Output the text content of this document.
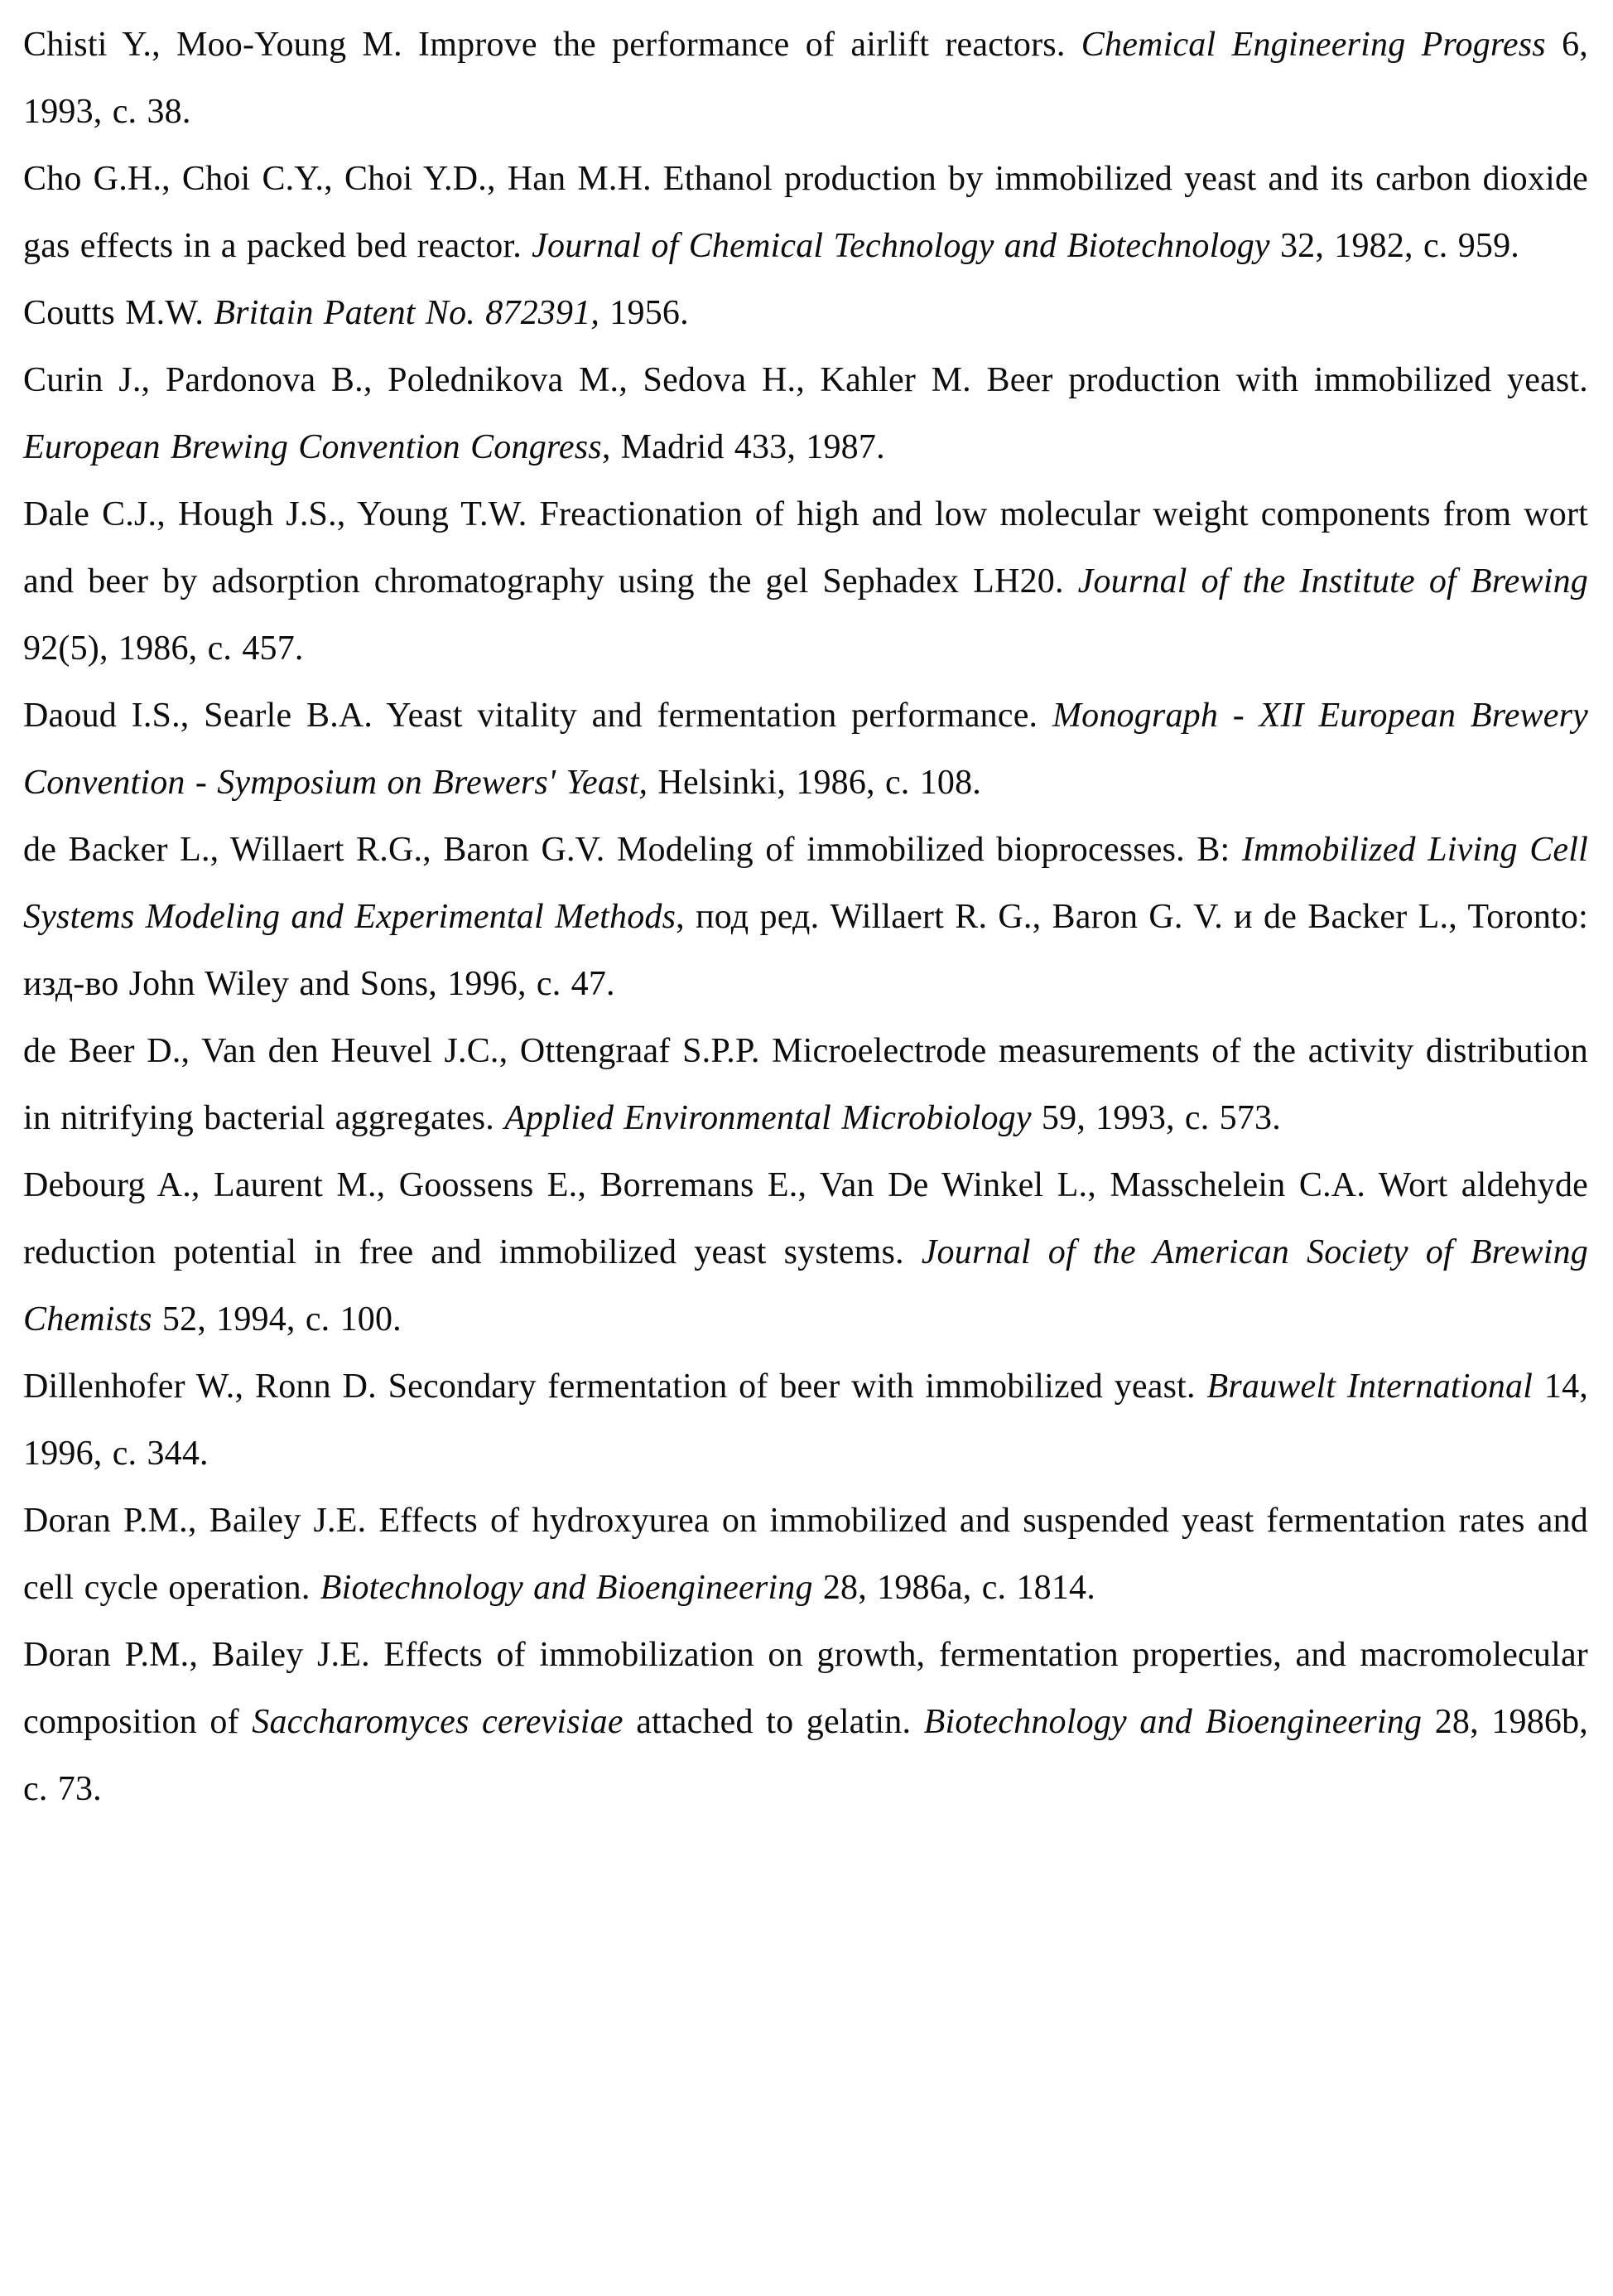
Chisti Y., Moo-Young M. Improve the performance of airlift reactors. Chemical Engineering Progress 6, 1993, c. 38.

Cho G.H., Choi C.Y., Choi Y.D., Han M.H. Ethanol production by immobilized yeast and its carbon dioxide gas effects in a packed bed reactor. Journal of Chemical Technology and Biotechnology 32, 1982, c. 959.

Coutts M.W. Britain Patent No. 872391, 1956.

Curin J., Pardonova B., Polednikova M., Sedova H., Kahler M. Beer production with immobilized yeast. European Brewing Convention Congress, Madrid 433, 1987.

Dale C.J., Hough J.S., Young T.W. Freactionation of high and low molecular weight components from wort and beer by adsorption chromatography using the gel Sephadex LH20. Journal of the Institute of Brewing 92(5), 1986, c. 457.

Daoud I.S., Searle B.A. Yeast vitality and fermentation performance. Monograph - XII European Brewery Convention - Symposium on Brewers' Yeast, Helsinki, 1986, c. 108.

de Backer L., Willaert R.G., Baron G.V. Modeling of immobilized bioprocesses. В: Immobilized Living Cell Systems Modeling and Experimental Methods, под ред. Willaert R. G., Baron G. V. и de Backer L., Toronto: изд-во John Wiley and Sons, 1996, c. 47.

de Beer D., Van den Heuvel J.C., Ottengraaf S.P.P. Microelectrode measurements of the activity distribution in nitrifying bacterial aggregates. Applied Environmental Microbiology 59, 1993, c. 573.

Debourg A., Laurent M., Goossens E., Borremans E., Van De Winkel L., Masschelein C.A. Wort aldehyde reduction potential in free and immobilized yeast systems. Journal of the American Society of Brewing Chemists 52, 1994, c. 100.

Dillenhofer W., Ronn D. Secondary fermentation of beer with immobilized yeast. Brauwelt International 14, 1996, c. 344.

Doran P.M., Bailey J.E. Effects of hydroxyurea on immobilized and suspended yeast fermentation rates and cell cycle operation. Biotechnology and Bioengineering 28, 1986a, c. 1814.

Doran P.M., Bailey J.E. Effects of immobilization on growth, fermentation properties, and macromolecular composition of Saccharomyces cerevisiae attached to gelatin. Biotechnology and Bioengineering 28, 1986b, c. 73.
